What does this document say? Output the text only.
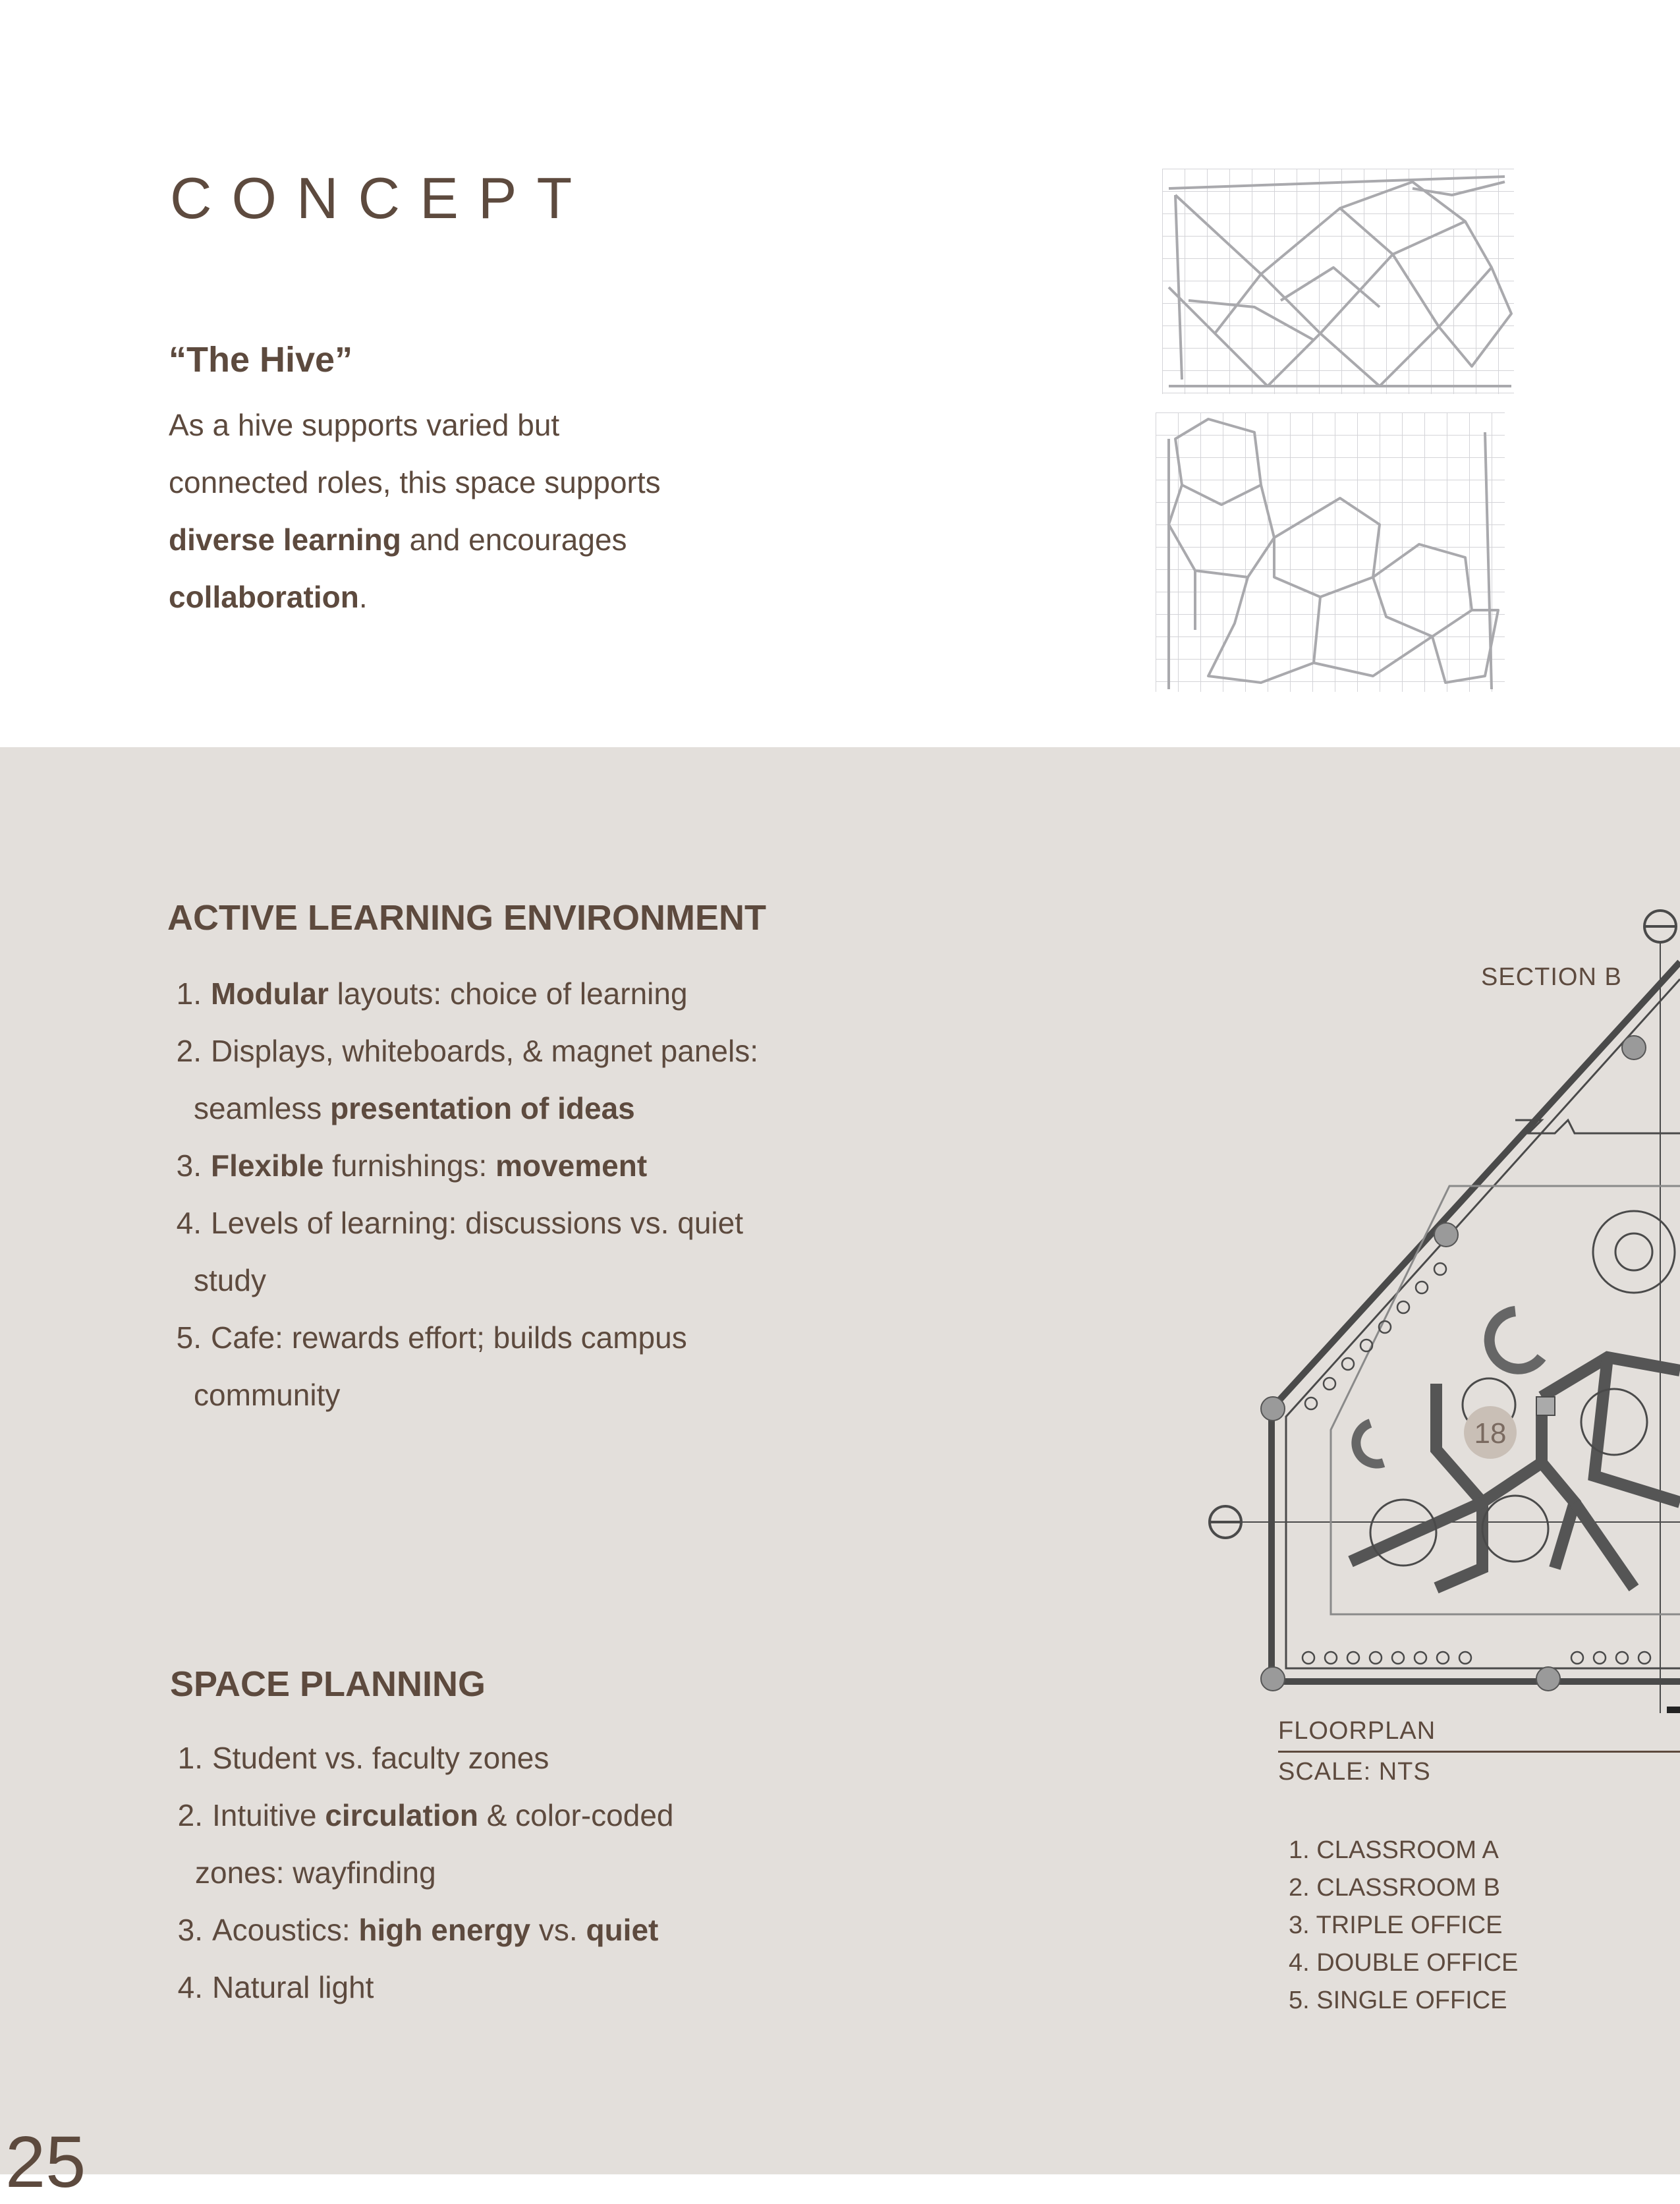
CONCEPT
“The Hive”
As a hive supports varied but
connected roles, this space supports
diverse learning and encourages
collaboration.
ACTIVE LEARNING ENVIRONMENT
1. Modular layouts: choice of learning
2. Displays, whiteboards, & magnet panels:
seamless presentation of ideas
3. Flexible furnishings: movement
4. Levels of learning: discussions vs. quiet
study
5. Cafe: rewards effort; builds campus
community
SPACE PLANNING
1. Student vs. faculty zones
2. Intuitive circulation & color-coded
zones: wayfinding
3. Acoustics: high energy vs. quiet
4. Natural light
18
SECTION B
FLOORPLAN
SCALE: NTS
1. CLASSROOM A
2. CLASSROOM B
3. TRIPLE OFFICE
4. DOUBLE OFFICE
5. SINGLE OFFICE

25
